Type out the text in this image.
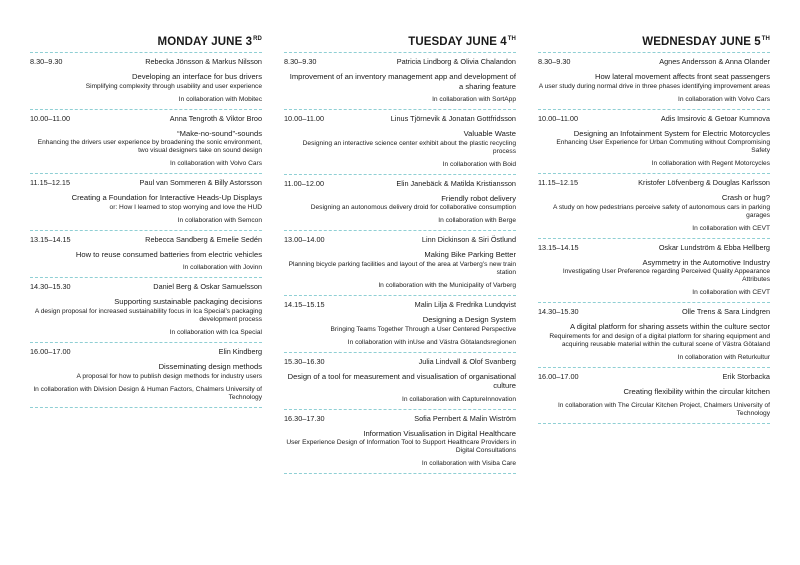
MONDAY JUNE 3RD
8.30–9.30	Rebecka Jönsson & Markus Nilsson
Developing an interface for bus drivers
Simplifying complexity through usability and user experience
In collaboration with Mobitec
10.00–11.00	Anna Tengroth & Viktor Broo
“Make-no-sound”-sounds
Enhancing the drivers user experience by broadening the sonic environment, two visual designers take on sound design
In collaboration with Volvo Cars
11.15–12.15	Paul van Sommeren & Billy Astorsson
Creating a Foundation for Interactive Heads-Up Displays
or: How I learned to stop worrying and love the HUD
In collaboration with Semcon
13.15–14.15	Rebecca Sandberg & Emelie Sedén
How to reuse consumed batteries from electric vehicles
In collaboration with Jovinn
14.30–15.30	Daniel Berg & Oskar Samuelsson
Supporting sustainable packaging decisions
A design proposal for increased sustainability focus in Ica Special’s packaging development process
In collaboration with Ica Special
16.00–17.00	Elin Kindberg
Disseminating design methods
A proposal for how to publish design methods for industry users
In collaboration with Division Design & Human Factors, Chalmers University of Technology
TUESDAY JUNE 4TH
8.30–9.30	Patricia Lindborg & Olivia Chalandon
Improvement of an inventory management app and development of a sharing feature
In collaboration with SortApp
10.00–11.00	Linus Tjörnevik & Jonatan Gottfridsson
Valuable Waste
Designing an interactive science center exhibit about the plastic recycling process
In collaboration with Boid
11.00–12.00	Elin Janebäck & Matilda Kristiansson
Friendly robot delivery
Designing an autonomous delivery droid for collaborative consumption
In collaboration with Berge
13.00–14.00	Linn Dickinson & Siri Östlund
Making Bike Parking Better
Planning bicycle parking facilities and layout of the area at Varberg’s new train station
In collaboration with the Municipality of Varberg
14.15–15.15	Malin Lilja & Fredrika Lundqvist
Designing a Design System
Bringing Teams Together Through a User Centered Perspective
In collaboration with inUse and Västra Götalandsregionen
15.30–16.30	Julia Lindvall & Olof Svanberg
Design of a tool for measurement and visualisation of organisational culture
In collaboration with CaptureInnovation
16.30–17.30	Sofia Pernbert & Malin Wiström
Information Visualisation in Digital Healthcare
User Experience Design of Information Tool to Support Healthcare Providers in Digital Consultations
In collaboration with Visiba Care
WEDNESDAY JUNE 5TH
8.30–9.30	Agnes Andersson & Anna Olander
How lateral movement affects front seat passengers
A user study during normal drive in three phases identifying improvement areas
In collaboration with Volvo Cars
10.00–11.00	Adis Imsirovic & Getoar Kumnova
Designing an Infotainment System for Electric Motorcycles
Enhancing User Experience for Urban Commuting without Compromising Safety
In collaboration with Regent Motorcycles
11.15–12.15	Kristofer Löfvenberg & Douglas Karlsson
Crash or hug?
A study on how pedestrians perceive safety of autonomous cars in parking garages
In collaboration with CEVT
13.15–14.15	Oskar Lundström & Ebba Hellberg
Asymmetry in the Automotive Industry
Investigating User Preference regarding Perceived Quality Appearance Attributes
In collaboration with CEVT
14.30–15.30	Olle Trens & Sara Lindgren
A digital platform for sharing assets within the culture sector
Requirements for and design of a digital platform for sharing equipment and acquiring reusable material within the cultural scene of Västra Götaland
In collaboration with Returkultur
16.00–17.00	Erik Storbacka
Creating flexibility within the circular kitchen
In collaboration with The Circular Kitchen Project, Chalmers University of Technology
